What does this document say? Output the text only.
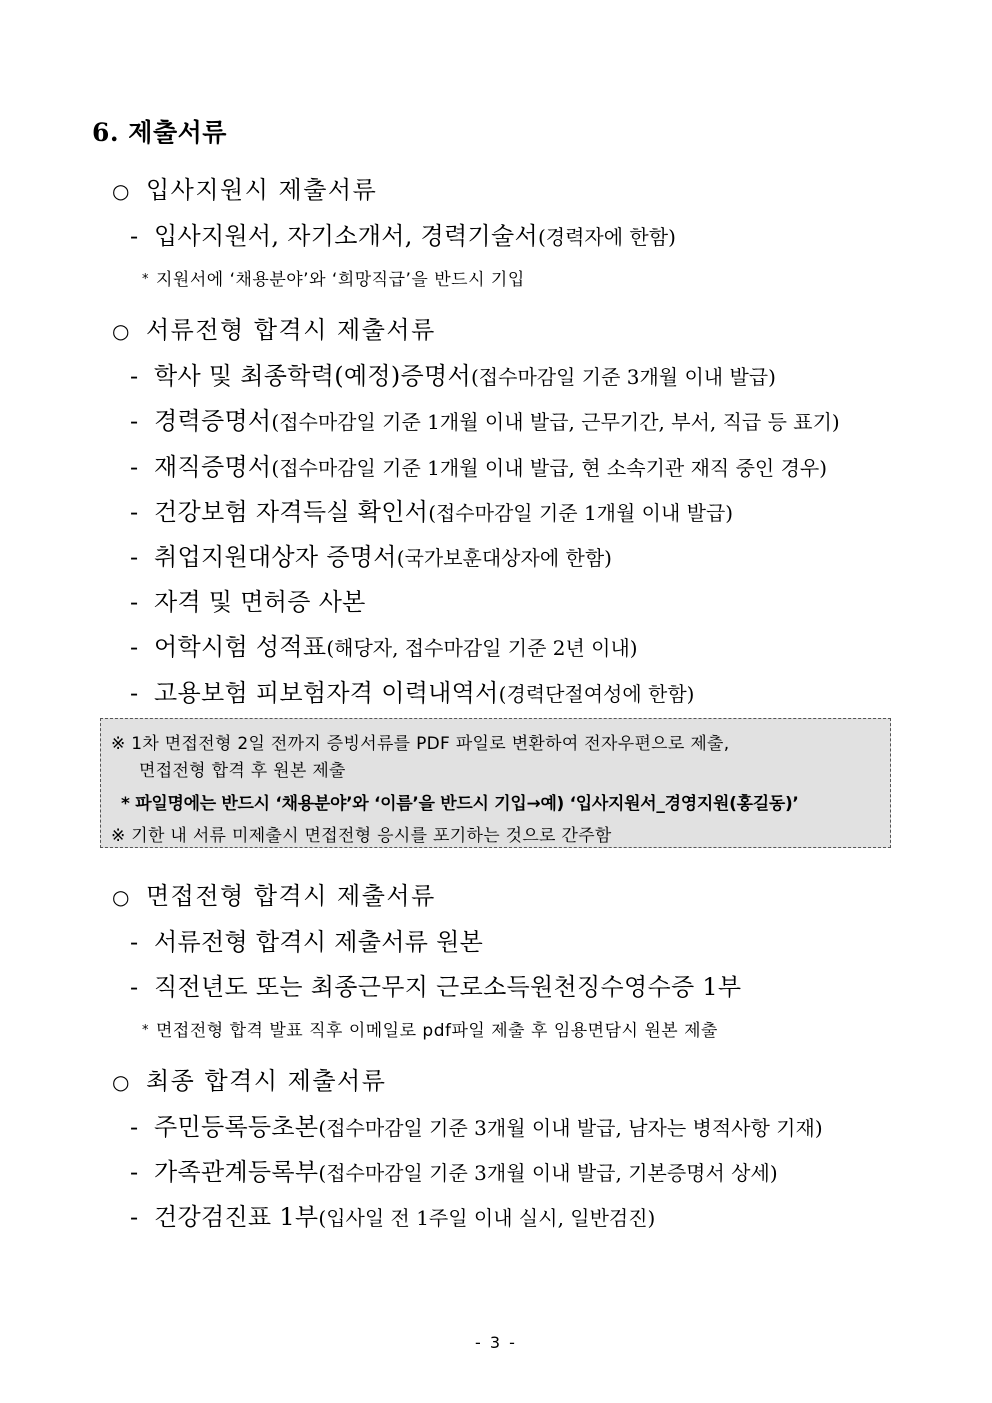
6. 제출서류
○ 입사지원시 제출서류
- 입사지원서, 자기소개서, 경력기술서(경력자에 한함)
* 지원서에 ‘채용분야’와 ‘희망직급’을 반드시 기입
○ 서류전형 합격시 제출서류
- 학사 및 최종학력(예정)증명서(접수마감일 기준 3개월 이내 발급)
- 경력증명서(접수마감일 기준 1개월 이내 발급, 근무기간, 부서, 직급 등 표기)
- 재직증명서(접수마감일 기준 1개월 이내 발급, 현 소속기관 재직 중인 경우)
- 건강보험 자격득실 확인서(접수마감일 기준 1개월 이내 발급)
- 취업지원대상자 증명서(국가보훈대상자에 한함)
- 자격 및 면허증 사본
- 어학시험 성적표(해당자, 접수마감일 기준 2년 이내)
- 고용보험 피보험자격 이력내역서(경력단절여성에 한함)
※ 1차 면접전형 2일 전까지 증빙서류를 PDF 파일로 변환하여 전자우편으로 제출,
면접전형 합격 후 원본 제출
* 파일명에는 반드시 ‘채용분야’와 ‘이름’을 반드시 기입→예) ‘입사지원서_경영지원(홍길동)’
※ 기한 내 서류 미제출시 면접전형 응시를 포기하는 것으로 간주함
○ 면접전형 합격시 제출서류
- 서류전형 합격시 제출서류 원본
- 직전년도 또는 최종근무지 근로소득원천징수영수증 1부
* 면접전형 합격 발표 직후 이메일로 pdf파일 제출 후 임용면담시 원본 제출
○ 최종 합격시 제출서류
- 주민등록등초본(접수마감일 기준 3개월 이내 발급, 남자는 병적사항 기재)
- 가족관계등록부(접수마감일 기준 3개월 이내 발급, 기본증명서 상세)
- 건강검진표 1부(입사일 전 1주일 이내 실시, 일반검진)
- 3 -
